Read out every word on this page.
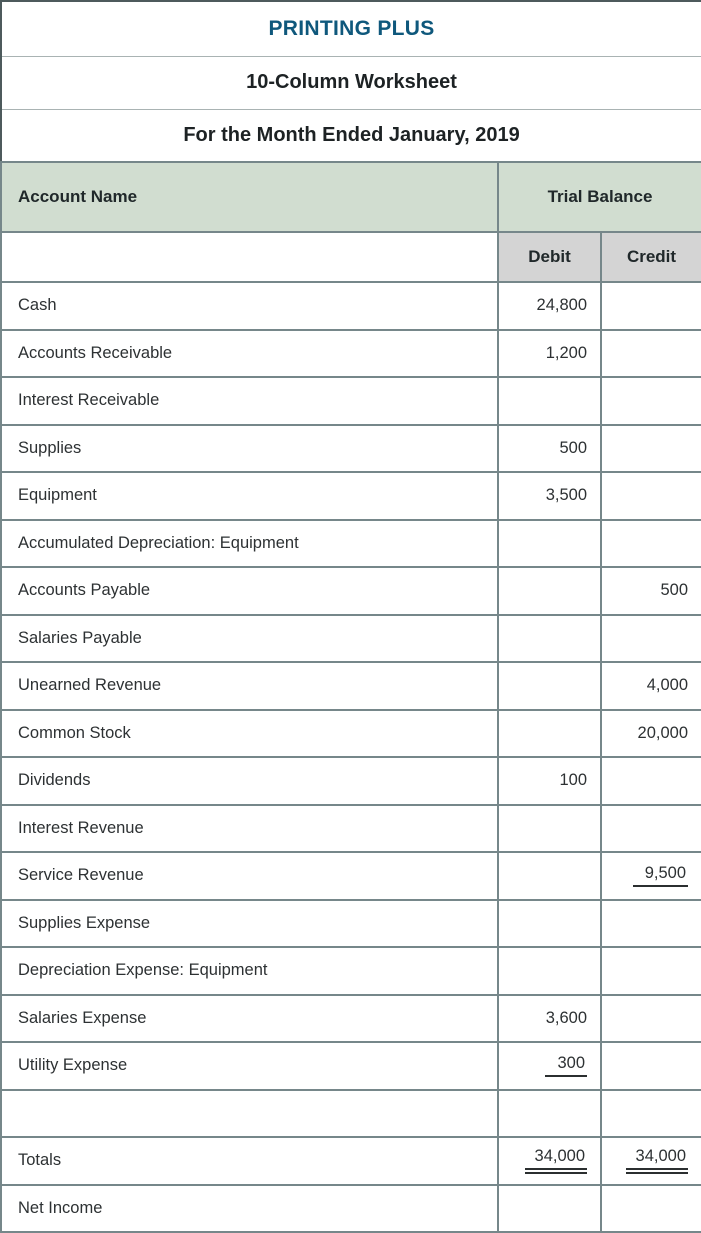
PRINTING PLUS		
10-Column Worksheet		
For the Month Ended January, 2019		
Account Name	Trial Balance	
	Debit	Credit
Cash	24,800	
Accounts Receivable	1,200	
Interest Receivable		
Supplies	500	
Equipment	3,500	
Accumulated Depreciation: Equipment		
Accounts Payable		500
Salaries Payable		
Unearned Revenue		4,000
Common Stock		20,000
Dividends	100	
Interest Revenue		
Service Revenue		9,500
Supplies Expense		
Depreciation Expense: Equipment		
Salaries Expense	3,600	
Utility Expense	300	

Totals	34,000	34,000
Net Income		
